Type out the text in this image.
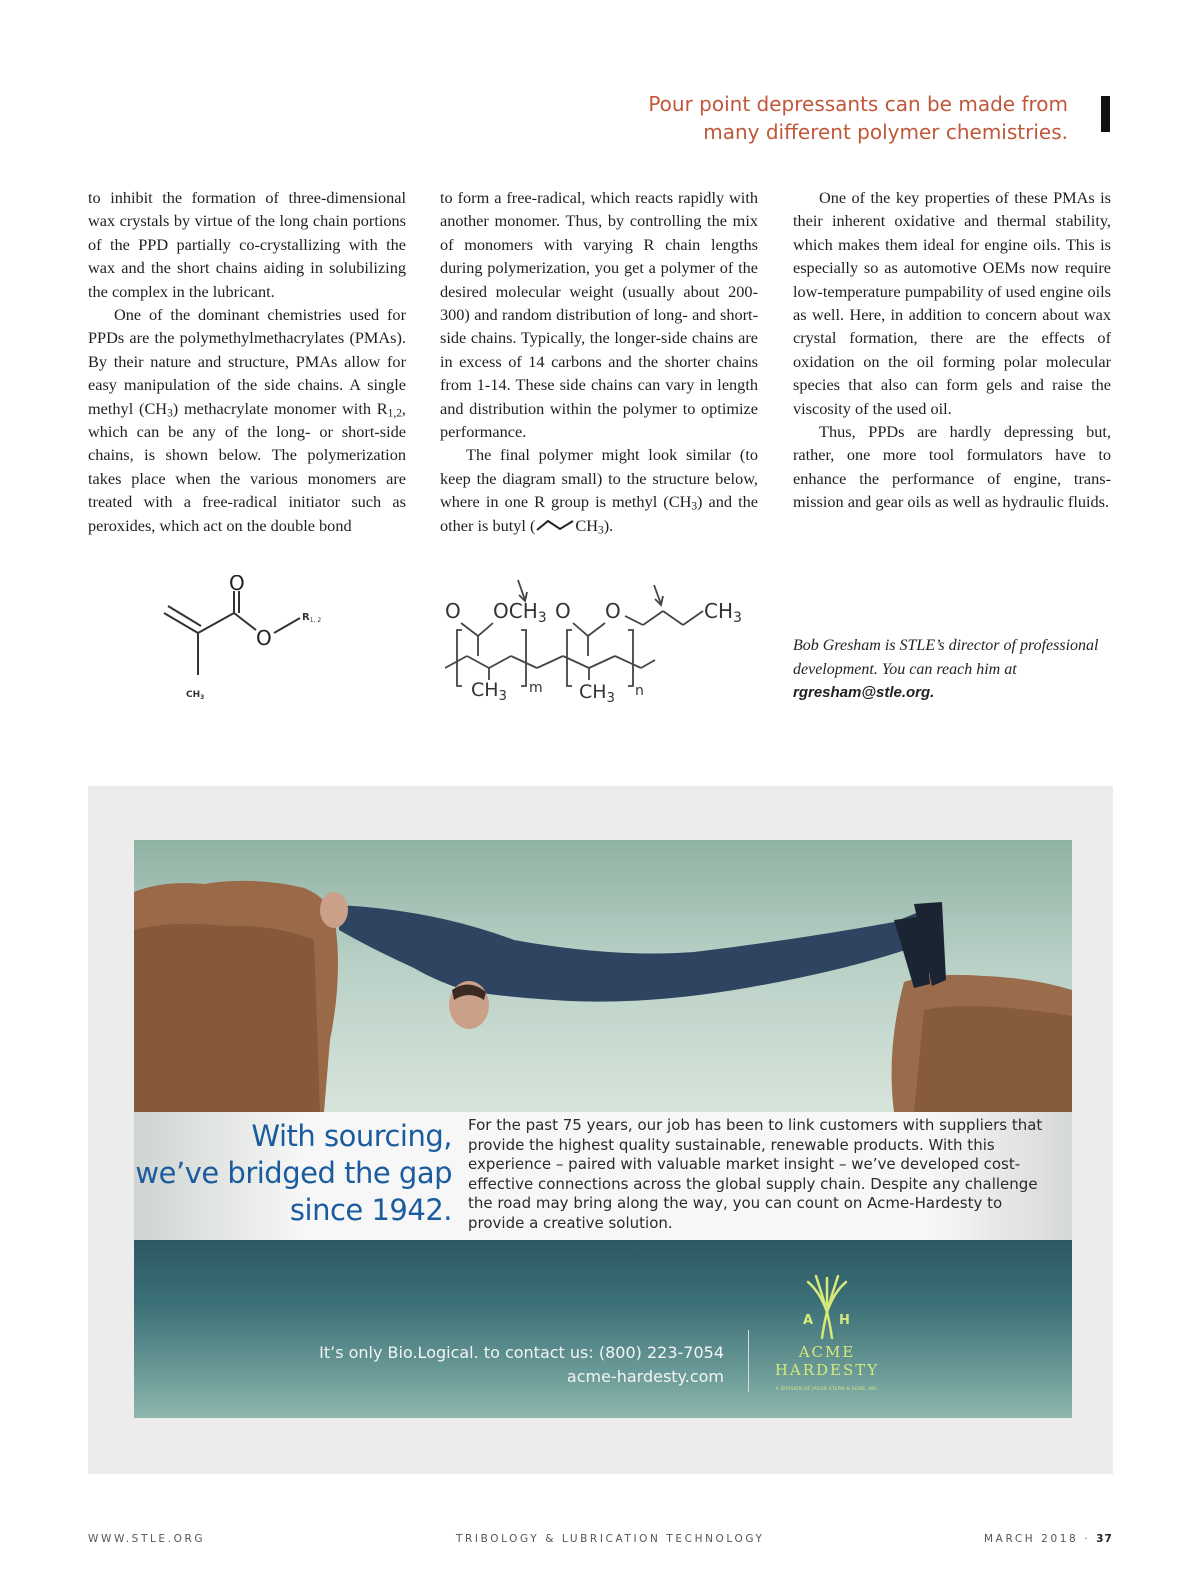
Pour point depressants can be made from
many different polymer chemistries.

to inhibit the formation of three-dimensional wax crystals by virtue of the long chain portions of the PPD partially co-crystallizing with the wax and the short chains aiding in solubilizing the complex in the lubricant.

One of the dominant chemistries used for PPDs are the polymethylmethacrylates (PMAs). By their nature and structure, PMAs allow for easy manipulation of the side chains. A single methyl $(CH_3)$ methacrylate monomer with $R_{1,2}$, which can be any of the long- or short-side chains, is shown below. The polymerization takes place when the various monomers are treated with a free-radical initiator such as peroxides, which act on the double bond

to form a free-radical, which reacts rapidly with another monomer. Thus, by controlling the mix of monomers with varying R chain lengths during polymerization, you get a polymer of the desired molecular weight (usually about 200-300) and random distribution of long- and short-side chains. Typically, the longer-side chains are in excess of 14 carbons and the shorter chains from 1-14. These side chains can vary in length and distribution within the polymer to optimize performance.

The final polymer might look similar (to keep the diagram small) to the structure below, where in one R group is methyl $(CH_3)$ and the other is butyl ( $CH_3$).

One of the key properties of these PMAs is their inherent oxidative and thermal stability, which makes them ideal for engine oils. This is especially so as automotive OEMs now require low-temperature pumpability of used engine oils as well. Here, in addition to concern about wax crystal formation, there are the effects of oxidation on the oil forming polar molecular species that also can form gels and raise the viscosity of the used oil.

Thus, PPDs are hardly depressing but, rather, one more tool formulators have to enhance the performance of engine, transmission and gear oils as well as hydraulic fluids.

O
O
$R_{1, 2}$
$CH_3$
O $OCH_3$ O O	$CH_3$
$CH_3$	$CH_3$
m	n
Bob Gresham is STLE’s director of professional development. You can reach him at rgresham@stle.org.
With sourcing,
we’ve bridged the gap
since 1942.
For the past 75 years, our job has been to link customers with suppliers that provide the highest quality sustainable, renewable products. With this experience – paired with valuable market insight – we’ve developed cost-effective connections across the global supply chain. Despite any challenge the road may bring along the way, you can count on Acme-Hardesty to provide a creative solution.
It’s only Bio.Logical. to contact us: (800) 223-7054
acme-hardesty.com
A H
ACME
HARDESTY
A DIVISION OF JACOB STERN & SONS, INC.
WWW.STLE.ORG	TRIBOLOGY & LUBRICATION TECHNOLOGY	MARCH 2018 · 37
